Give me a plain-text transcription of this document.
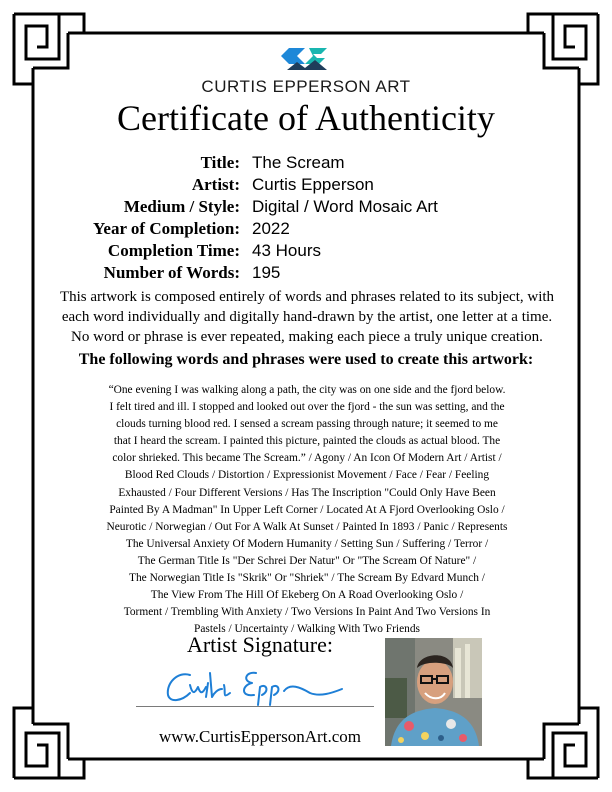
CURTIS EPPERSON ART
Certificate of Authenticity
Title: The Scream
Artist: Curtis Epperson
Medium / Style: Digital / Word Mosaic Art
Year of Completion: 2022
Completion Time: 43 Hours
Number of Words: 195
This artwork is composed entirely of words and phrases related to its subject, with
each word individually and digitally hand-drawn by the artist, one letter at a time.
No word or phrase is ever repeated, making each piece a truly unique creation.
The following words and phrases were used to create this artwork:
“One evening I was walking along a path, the city was on one side and the fjord below.
I felt tired and ill. I stopped and looked out over the fjord - the sun was setting, and the
clouds turning blood red. I sensed a scream passing through nature; it seemed to me
that I heard the scream. I painted this picture, painted the clouds as actual blood. The
color shrieked. This became The Scream.” / Agony / An Icon Of Modern Art / Artist /
Blood Red Clouds / Distortion / Expressionist Movement / Face / Fear / Feeling
Exhausted / Four Different Versions / Has The Inscription "Could Only Have Been
Painted By A Madman" In Upper Left Corner / Located At A Fjord Overlooking Oslo /
Neurotic / Norwegian / Out For A Walk At Sunset / Painted In 1893 / Panic / Represents
The Universal Anxiety Of Modern Humanity / Setting Sun / Suffering / Terror /
The German Title Is "Der Schrei Der Natur" Or "The Scream Of Nature" /
The Norwegian Title Is "Skrik" Or "Shriek" / The Scream By Edvard Munch /
The View From The Hill Of Ekeberg On A Road Overlooking Oslo /
Torment / Trembling With Anxiety / Two Versions In Paint And Two Versions In
Pastels / Uncertainty / Walking With Two Friends
Artist Signature:
www.CurtisEppersonArt.com
